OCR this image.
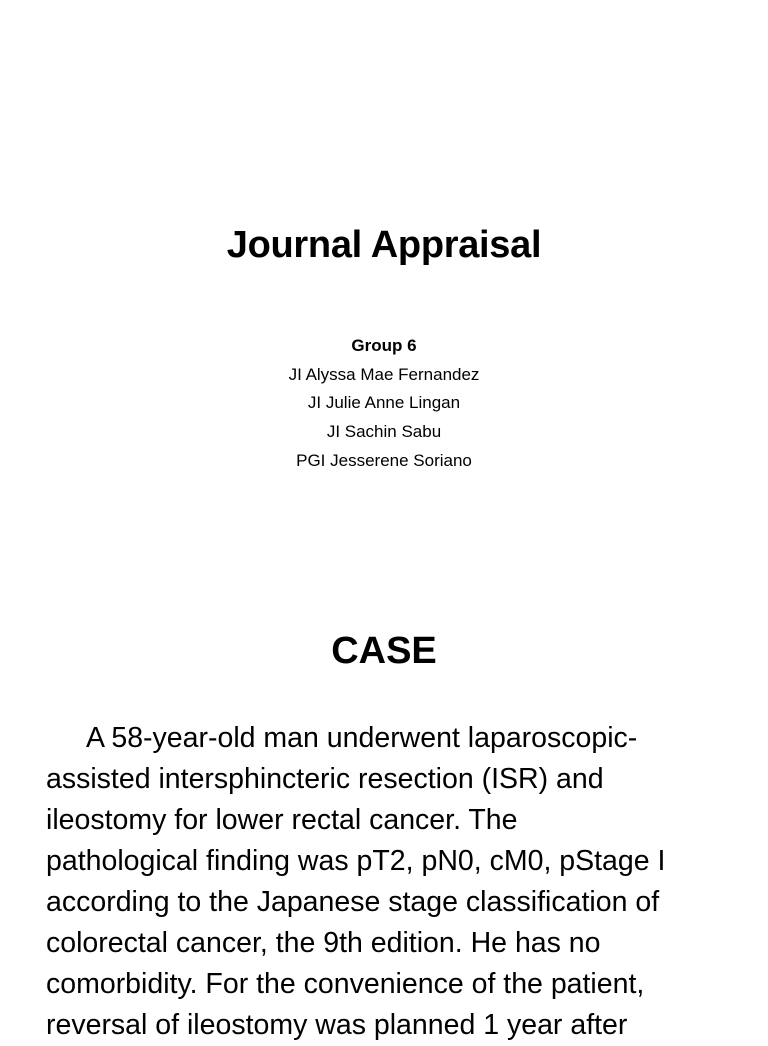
Journal Appraisal
Group 6
JI Alyssa Mae Fernandez
JI Julie Anne Lingan
JI Sachin Sabu
PGI Jesserene Soriano
CASE

A 58-year-old man underwent laparoscopic-
assisted intersphincteric resection (ISR) and
ileostomy for lower rectal cancer. The
pathological finding was pT2, pN0, cM0, pStage I
according to the Japanese stage classification of
colorectal cancer, the 9th edition. He has no
comorbidity. For the convenience of the patient,
reversal of ileostomy was planned 1 year after
